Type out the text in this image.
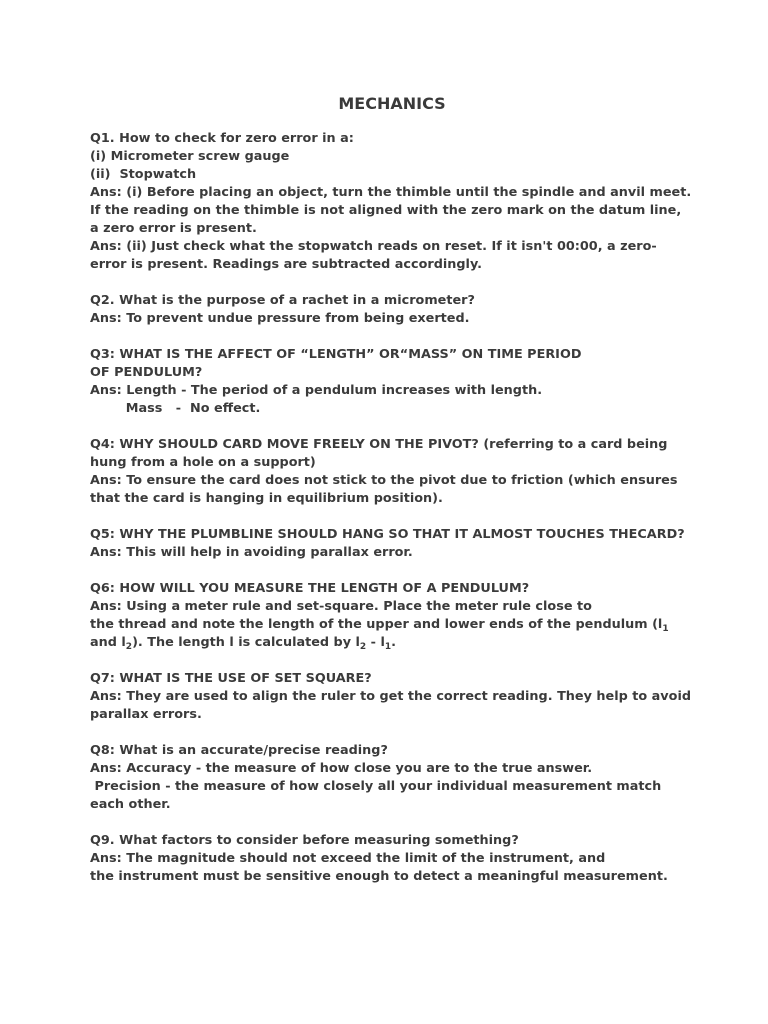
MECHANICS
Q1. How to check for zero error in a:
(i) Micrometer screw gauge
(ii) Stopwatch
Ans: (i) Before placing an object, turn the thimble until the spindle and anvil meet.
If the reading on the thimble is not aligned with the zero mark on the datum line,
a zero error is present.
Ans: (ii) Just check what the stopwatch reads on reset. If it isn't 00:00, a zero-
error is present. Readings are subtracted accordingly.
Q2. What is the purpose of a rachet in a micrometer?
Ans: To prevent undue pressure from being exerted.
Q3: WHAT IS THE AFFECT OF “LENGTH” OR“MASS” ON TIME PERIOD
OF PENDULUM?
Ans: Length - The period of a pendulum increases with length.
Mass - No efect.
Q4: WHY SHOULD CARD MOVE FREELY ON THE PIVOT? (referring to a card being
hung from a hole on a support)
Ans: To ensure the card does not stick to the pivot due to friction (which ensures
that the card is hanging in equilibrium position).
Q5: WHY THE PLUMBLINE SHOULD HANG SO THAT IT ALMOST TOUCHES THECARD?
Ans: This will help in avoiding parallax error.
Q6: HOW WILL YOU MEASURE THE LENGTH OF A PENDULUM?
Ans: Using a meter rule and set-square. Place the meter rule close to
the thread and note the length of the upper and lower ends of the pendulum ($l_1$
and $l_2$). The length l is calculated by $l_2 - l_1$.
Q7: WHAT IS THE USE OF SET SQUARE?
Ans: They are used to align the ruler to get the correct reading. They help to avoid
parallax errors.
Q8: What is an accurate/precise reading?
Ans: Accuracy - the measure of how close you are to the true answer.
Precision - the measure of how closely all your individual measurement match
each other.
Q9. What factors to consider before measuring something?
Ans: The magnitude should not exceed the limit of the instrument, and
the instrument must be sensitive enough to detect a meaningful measurement.
